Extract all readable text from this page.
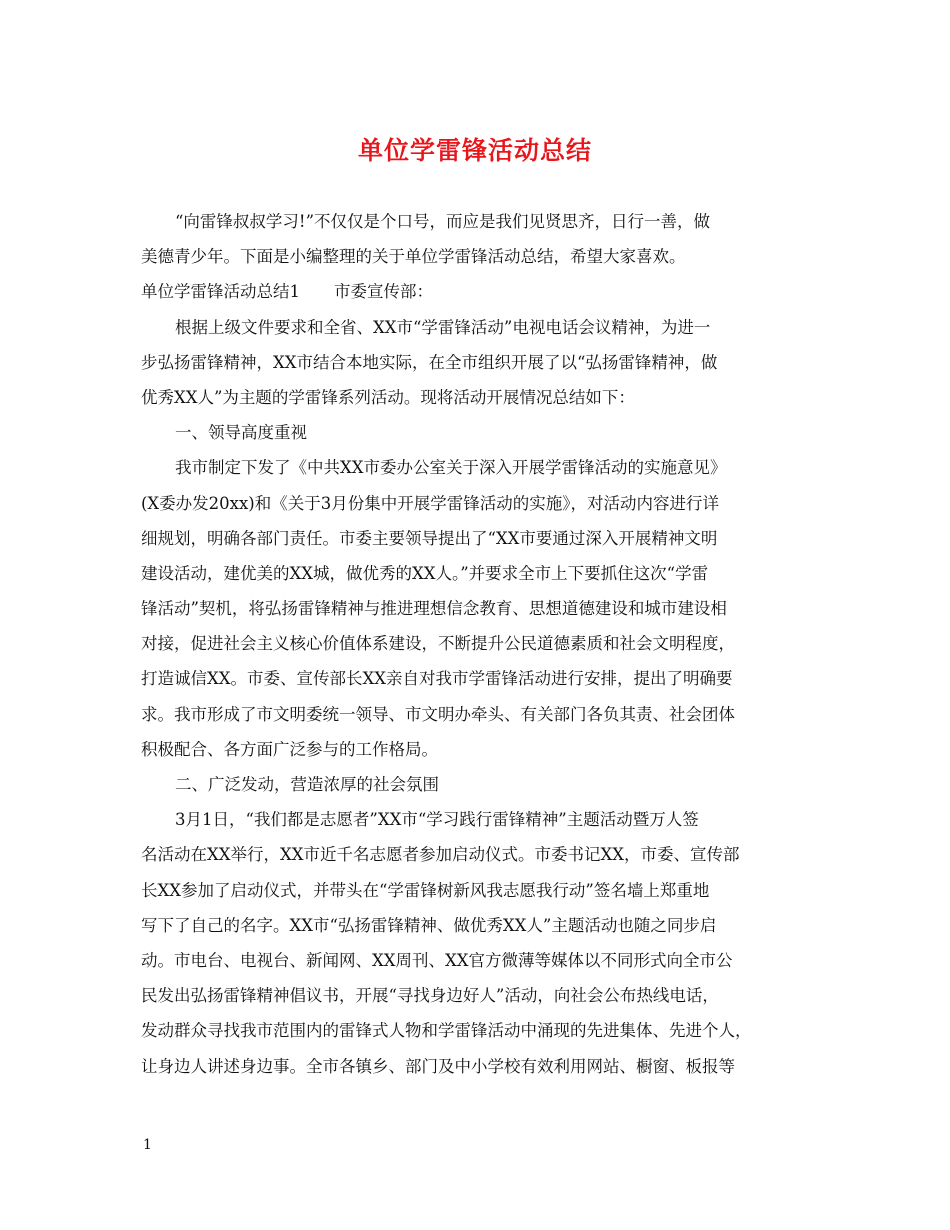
单位学雷锋活动总结
“向雷锋叔叔学习!”不仅仅是个口号，而应是我们见贤思齐，日行一善，做
美德青少年。下面是小编整理的关于单位学雷锋活动总结，希望大家喜欢。
单位学雷锋活动总结1 市委宣传部：
根据上级文件要求和全省、XX市“学雷锋活动”电视电话会议精神，为进一
步弘扬雷锋精神，XX市结合本地实际，在全市组织开展了以“弘扬雷锋精神，做
优秀XX人”为主题的学雷锋系列活动。现将活动开展情况总结如下：
一、领导高度重视
我市制定下发了《中共XX市委办公室关于深入开展学雷锋活动的实施意见》
(X委办发20xx)和《关于3月份集中开展学雷锋活动的实施》，对活动内容进行详
细规划，明确各部门责任。市委主要领导提出了“XX市要通过深入开展精神文明
建设活动，建优美的XX城，做优秀的XX人。”并要求全市上下要抓住这次“学雷
锋活动”契机，将弘扬雷锋精神与推进理想信念教育、思想道德建设和城市建设相
对接，促进社会主义核心价值体系建设，不断提升公民道德素质和社会文明程度，
打造诚信XX。市委、宣传部长XX亲自对我市学雷锋活动进行安排，提出了明确要
求。我市形成了市文明委统一领导、市文明办牵头、有关部门各负其责、社会团体
积极配合、各方面广泛参与的工作格局。
二、广泛发动，营造浓厚的社会氛围
3月1日，“我们都是志愿者”XX市“学习践行雷锋精神”主题活动暨万人签
名活动在XX举行，XX市近千名志愿者参加启动仪式。市委书记XX，市委、宣传部
长XX参加了启动仪式，并带头在“学雷锋树新风我志愿我行动”签名墙上郑重地
写下了自己的名字。XX市“弘扬雷锋精神、做优秀XX人”主题活动也随之同步启
动。市电台、电视台、新闻网、XX周刊、XX官方微薄等媒体以不同形式向全市公
民发出弘扬雷锋精神倡议书，开展“寻找身边好人”活动，向社会公布热线电话，
发动群众寻找我市范围内的雷锋式人物和学雷锋活动中涌现的先进集体、先进个人，
让身边人讲述身边事。全市各镇乡、部门及中小学校有效利用网站、橱窗、板报等
1
